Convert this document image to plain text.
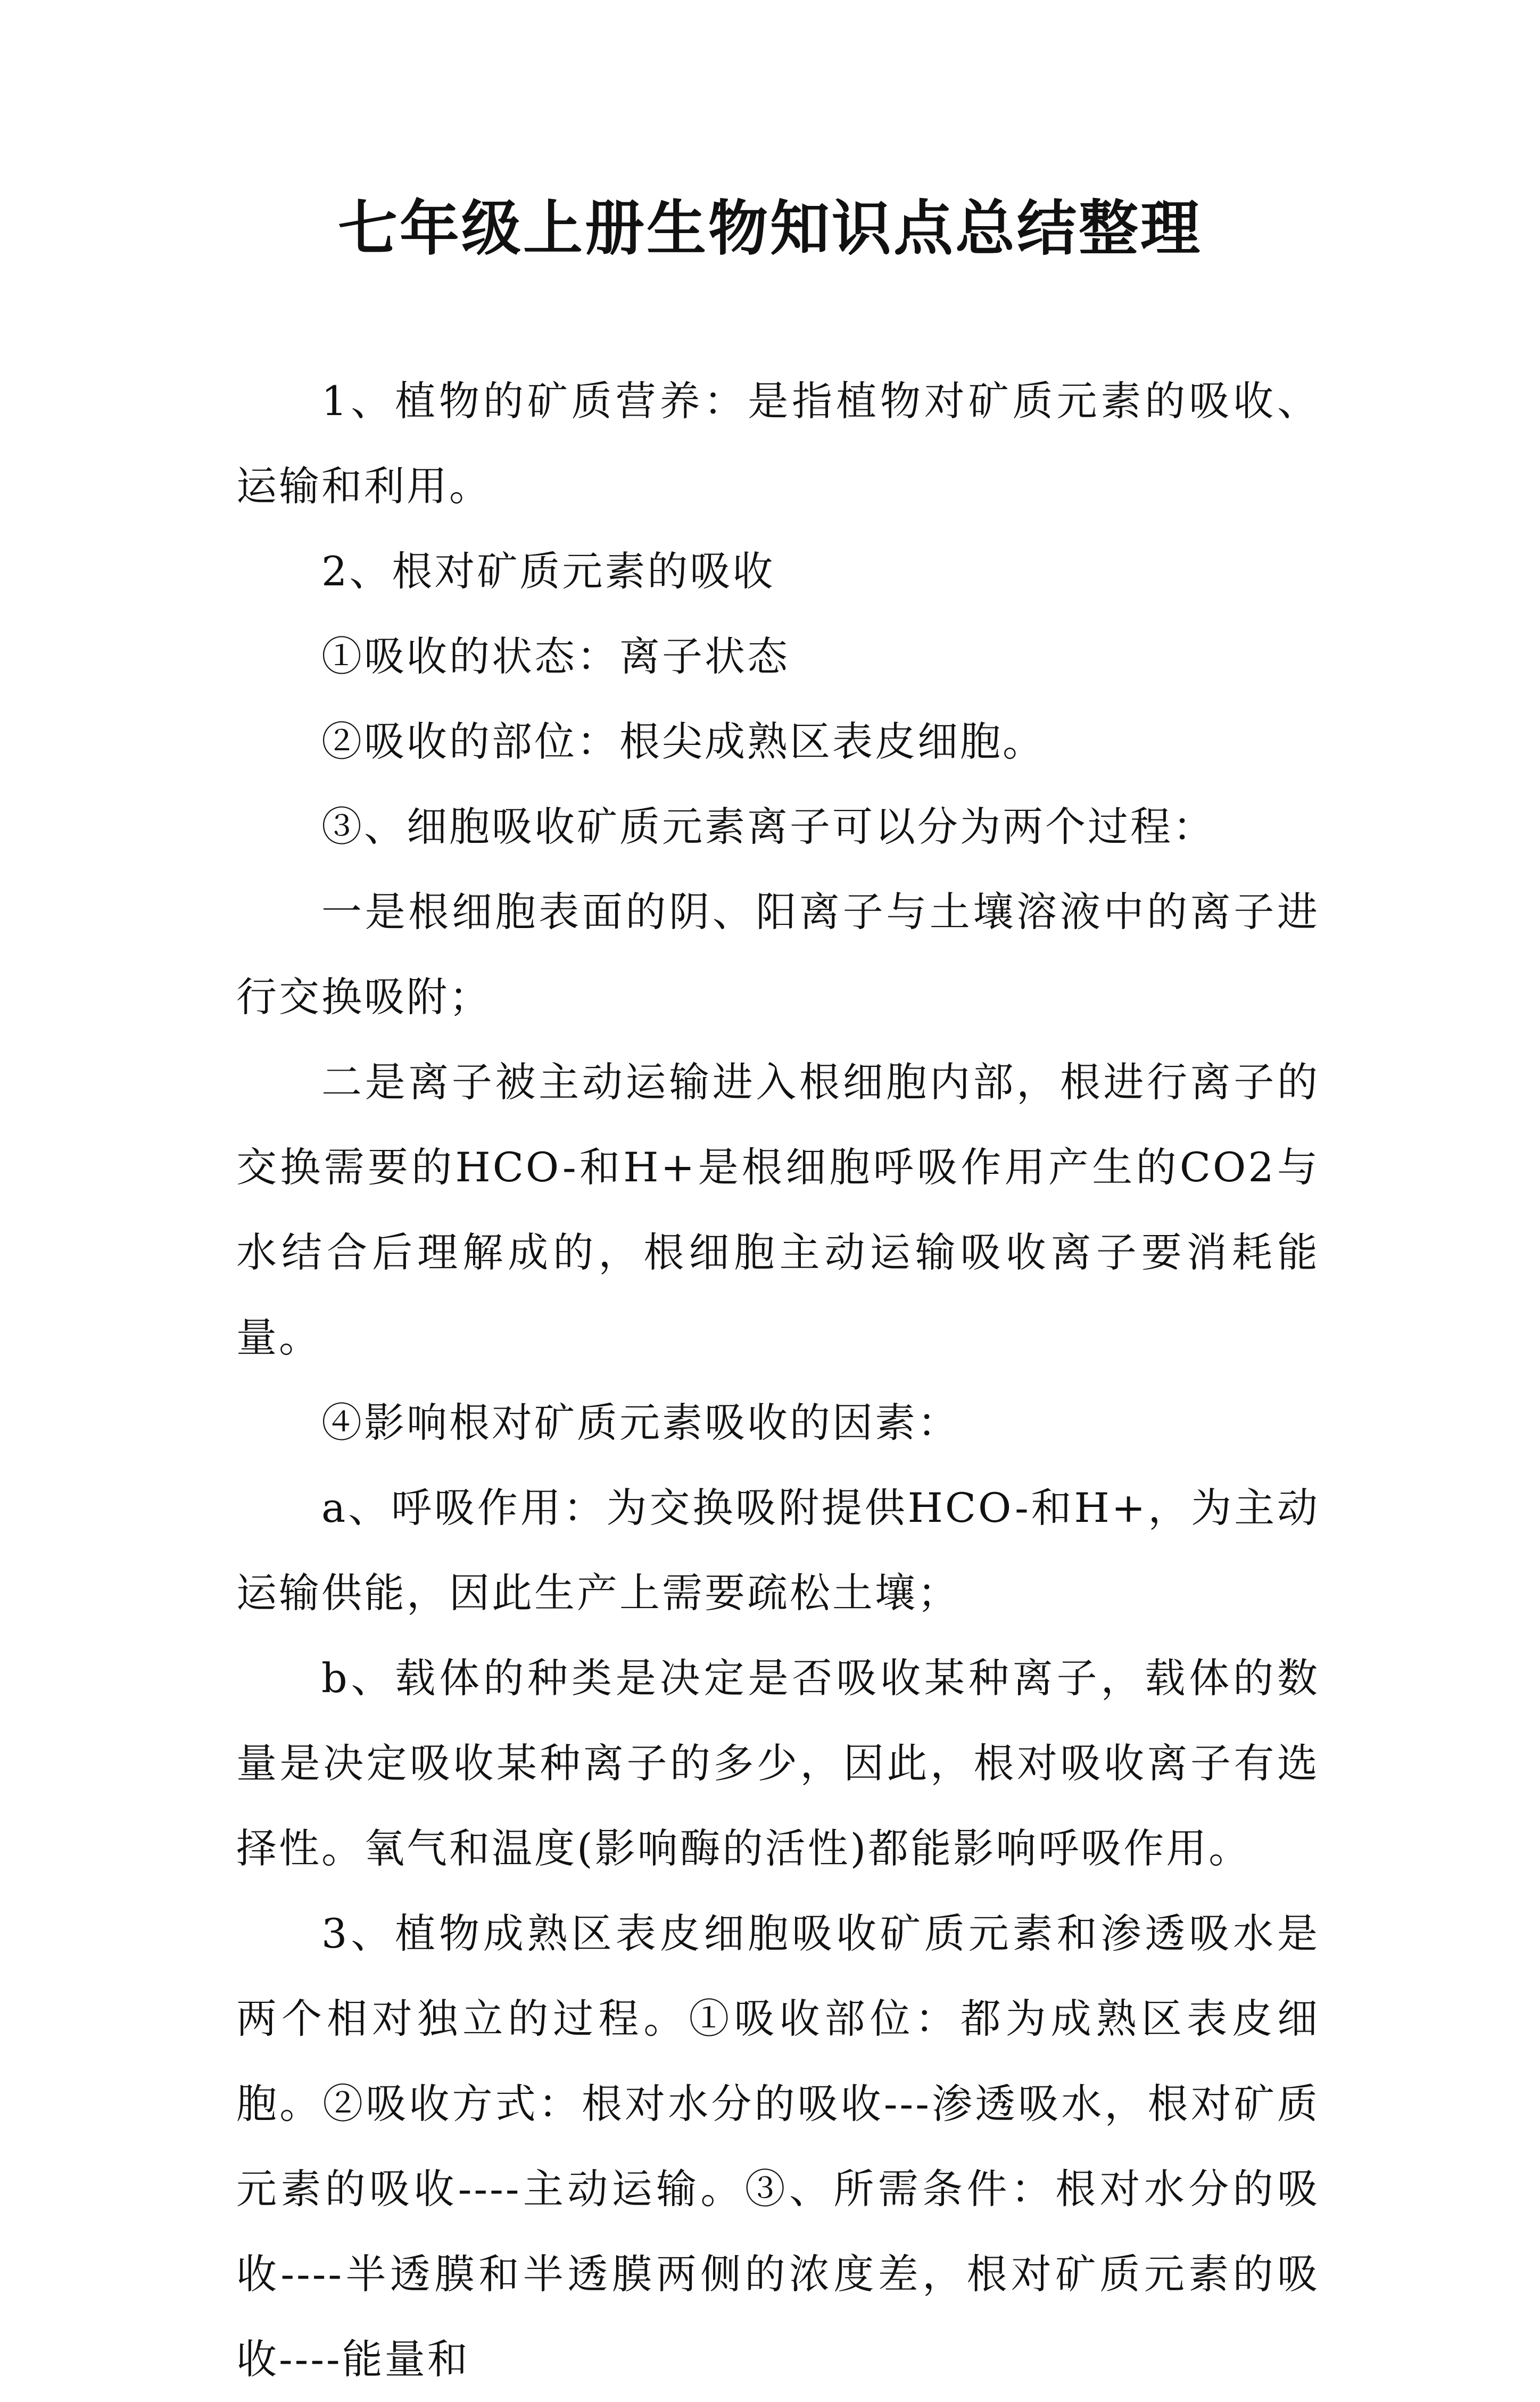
七年级上册生物知识点总结整理

1、植物的矿质营养：是指植物对矿质元素的吸收、运输和利用。

2、根对矿质元素的吸收

①吸收的状态：离子状态

②吸收的部位：根尖成熟区表皮细胞。

③、细胞吸收矿质元素离子可以分为两个过程：

一是根细胞表面的阴、阳离子与土壤溶液中的离子进行交换吸附；

二是离子被主动运输进入根细胞内部，根进行离子的交换需要的HCO-和H+是根细胞呼吸作用产生的CO2与水结合后理解成的，根细胞主动运输吸收离子要消耗能量。

④影响根对矿质元素吸收的因素：

a、呼吸作用：为交换吸附提供HCO-和H+，为主动运输供能，因此生产上需要疏松土壤；

b、载体的种类是决定是否吸收某种离子，载体的数量是决定吸收某种离子的多少，因此，根对吸收离子有选择性。氧气和温度(影响酶的活性)都能影响呼吸作用。

3、植物成熟区表皮细胞吸收矿质元素和渗透吸水是两个相对独立的过程。①吸收部位：都为成熟区表皮细胞。②吸收方式：根对水分的吸收---渗透吸水，根对矿质元素的吸收----主动运输。③、所需条件：根对水分的吸收----半透膜和半透膜两侧的浓度差，根对矿质元素的吸收----能量和
